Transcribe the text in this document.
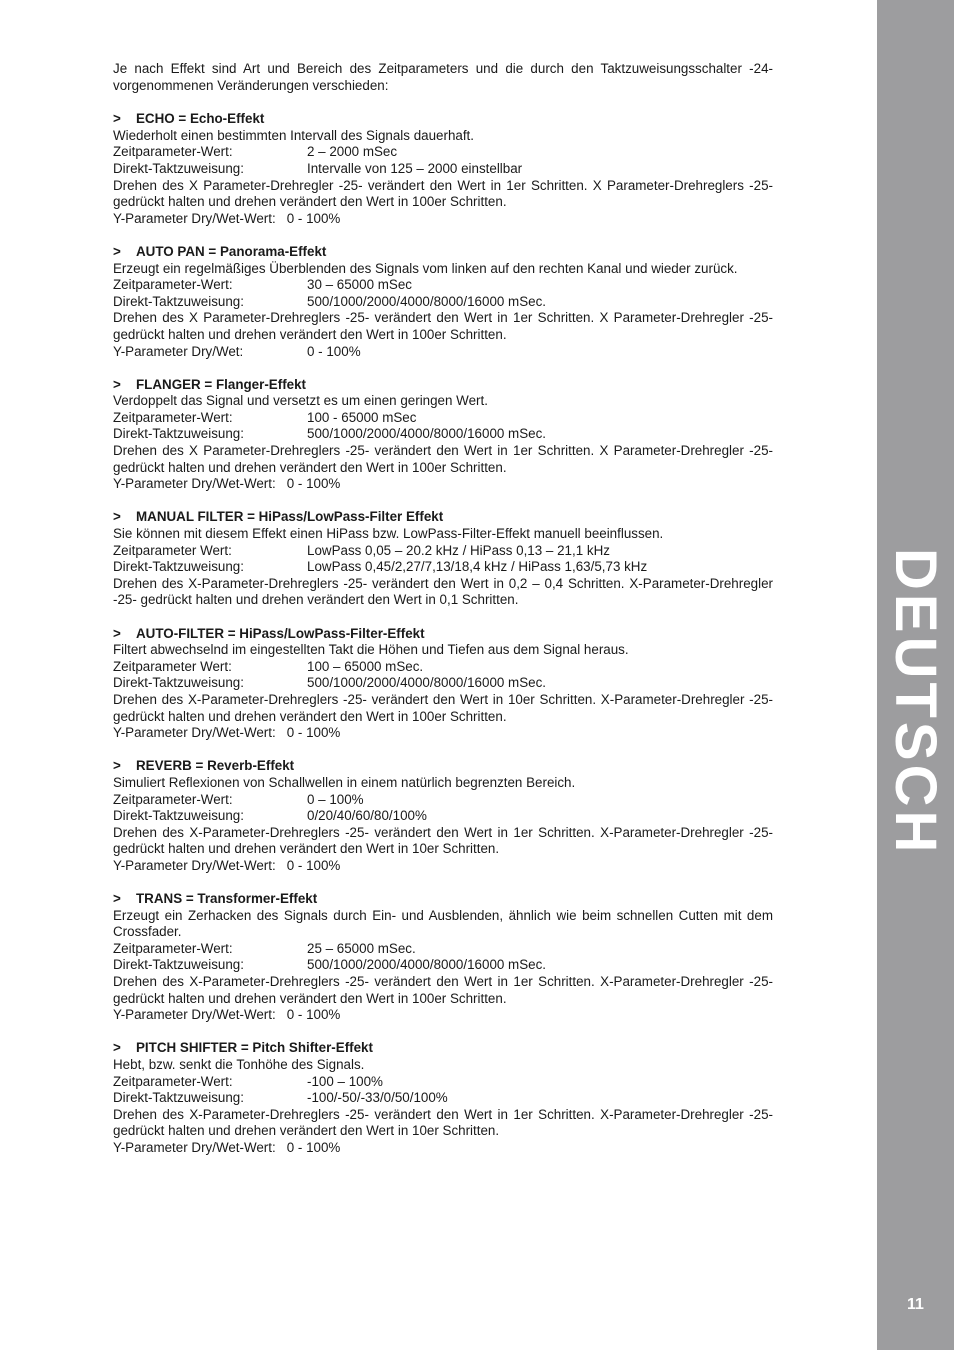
Je nach Effekt sind Art und Bereich des Zeitparameters und die durch den Taktzuweisungsschalter -24- vorgenommenen Veränderungen verschieden:

> ECHO = Echo-Effekt
Wiederholt einen bestimmten Intervall des Signals dauerhaft.
Zeitparameter-Wert:	2 – 2000 mSec
Direkt-Taktzuweisung:	Intervalle von 125 – 2000 einstellbar
Drehen des X Parameter-Drehregler -25- verändert den Wert in 1er Schritten. X Parameter-Drehreglers -25- gedrückt halten und drehen verändert den Wert in 100er Schritten.
Y-Parameter Dry/Wet-Wert: 0 - 100%
> AUTO PAN = Panorama-Effekt
Erzeugt ein regelmäßiges Überblenden des Signals vom linken auf den rechten Kanal und wieder zurück.
Zeitparameter-Wert:	30 – 65000 mSec
Direkt-Taktzuweisung:	500/1000/2000/4000/8000/16000 mSec.
Drehen des X Parameter-Drehreglers -25- verändert den Wert in 1er Schritten. X Parameter-Drehregler -25- gedrückt halten und drehen verändert den Wert in 100er Schritten.
Y-Parameter Dry/Wet:	0 - 100%
> FLANGER = Flanger-Effekt
Verdoppelt das Signal und versetzt es um einen geringen Wert.
Zeitparameter-Wert:	100 - 65000 mSec
Direkt-Taktzuweisung:	500/1000/2000/4000/8000/16000 mSec.
Drehen des X Parameter-Drehreglers -25- verändert den Wert in 1er Schritten. X Parameter-Drehregler -25- gedrückt halten und drehen verändert den Wert in 100er Schritten.
Y-Parameter Dry/Wet-Wert: 0 - 100%
> MANUAL FILTER = HiPass/LowPass-Filter Effekt
Sie können mit diesem Effekt einen HiPass bzw. LowPass-Filter-Effekt manuell beeinflussen.
Zeitparameter Wert:	LowPass 0,05 – 20.2 kHz / HiPass 0,13 – 21,1 kHz
Direkt-Taktzuweisung:	LowPass 0,45/2,27/7,13/18,4 kHz / HiPass 1,63/5,73 kHz
Drehen des X-Parameter-Drehreglers -25- verändert den Wert in 0,2 – 0,4 Schritten. X-Parameter-Drehregler -25- gedrückt halten und drehen verändert den Wert in 0,1 Schritten.
> AUTO-FILTER = HiPass/LowPass-Filter-Effekt
Filtert abwechselnd im eingestellten Takt die Höhen und Tiefen aus dem Signal heraus.
Zeitparameter Wert:	100 – 65000 mSec.
Direkt-Taktzuweisung:	500/1000/2000/4000/8000/16000 mSec.
Drehen des X-Parameter-Drehreglers -25- verändert den Wert in 10er Schritten. X-Parameter-Drehregler -25- gedrückt halten und drehen verändert den Wert in 100er Schritten.
Y-Parameter Dry/Wet-Wert: 0 - 100%
> REVERB = Reverb-Effekt
Simuliert Reflexionen von Schallwellen in einem natürlich begrenzten Bereich.
Zeitparameter-Wert:	0 – 100%
Direkt-Taktzuweisung:	0/20/40/60/80/100%
Drehen des X-Parameter-Drehreglers -25- verändert den Wert in 1er Schritten. X-Parameter-Drehregler -25- gedrückt halten und drehen verändert den Wert in 10er Schritten.
Y-Parameter Dry/Wet-Wert: 0 - 100%
> TRANS = Transformer-Effekt
Erzeugt ein Zerhacken des Signals durch Ein- und Ausblenden, ähnlich wie beim schnellen Cutten mit dem Crossfader.
Zeitparameter-Wert:	25 – 65000 mSec.
Direkt-Taktzuweisung:	500/1000/2000/4000/8000/16000 mSec.
Drehen des X-Parameter-Drehreglers -25- verändert den Wert in 1er Schritten. X-Parameter-Drehregler -25- gedrückt halten und drehen verändert den Wert in 100er Schritten.
Y-Parameter Dry/Wet-Wert: 0 - 100%
> PITCH SHIFTER = Pitch Shifter-Effekt
Hebt, bzw. senkt die Tonhöhe des Signals.
Zeitparameter-Wert:	-100 – 100%
Direkt-Taktzuweisung:	-100/-50/-33/0/50/100%
Drehen des X-Parameter-Drehreglers -25- verändert den Wert in 1er Schritten. X-Parameter-Drehregler -25- gedrückt halten und drehen verändert den Wert in 10er Schritten.
Y-Parameter Dry/Wet-Wert: 0 - 100%
DEUTSCH
11
